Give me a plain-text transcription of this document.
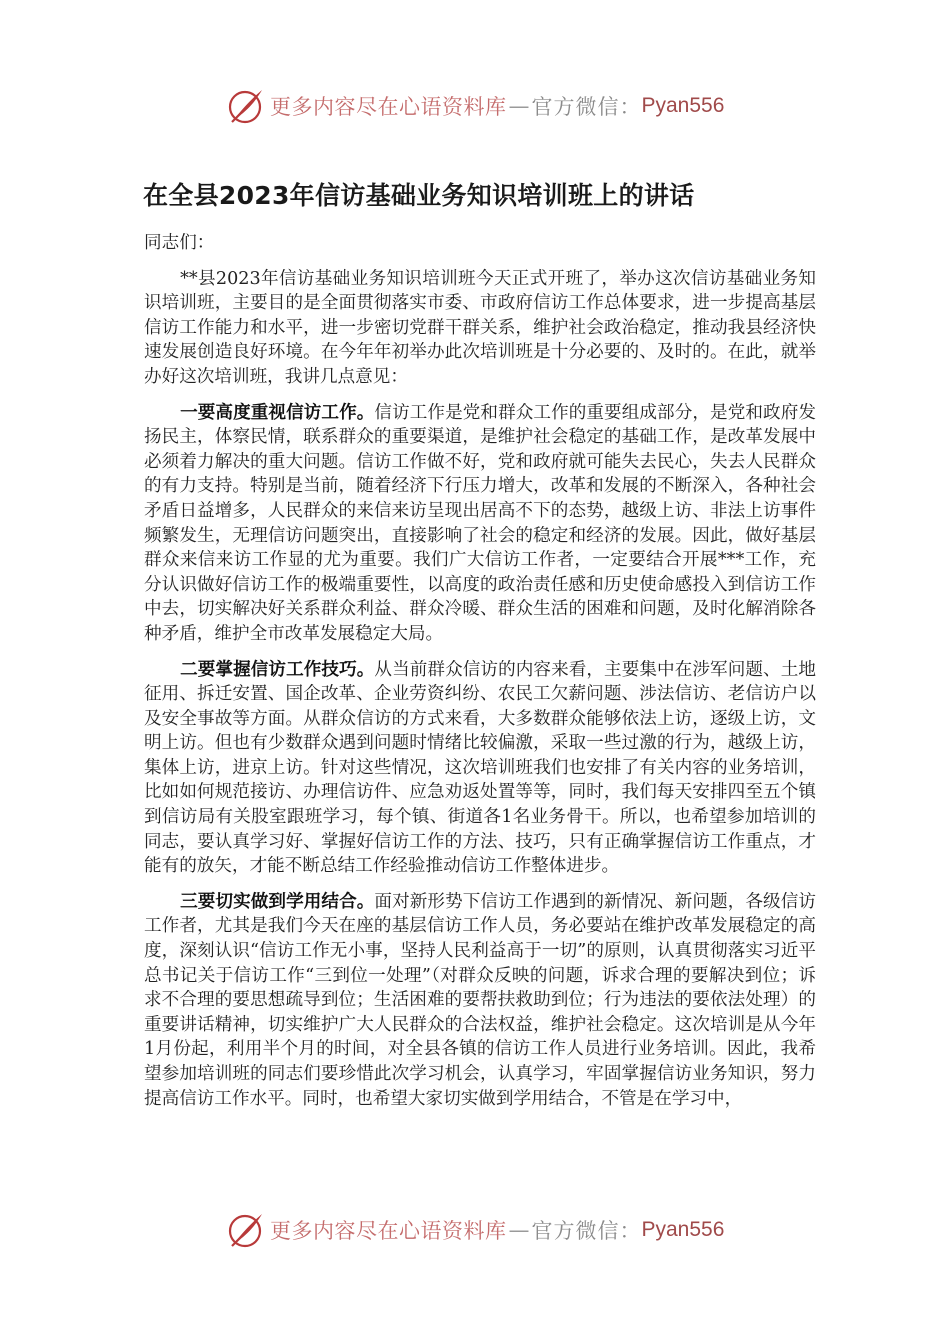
更多内容尽在心语资料库 — 官方微信： Pyan556
在全县2023年信访基础业务知识培训班上的讲话

同志们：

**县2023年信访基础业务知识培训班今天正式开班了，举办这次信访基础业务知识培训班，主要目的是全面贯彻落实市委、市政府信访工作总体要求，进一步提高基层信访工作能力和水平，进一步密切党群干群关系，维护社会政治稳定，推动我县经济快速发展创造良好环境。在今年年初举办此次培训班是十分必要的、及时的。在此，就举办好这次培训班，我讲几点意见：

一要高度重视信访工作。信访工作是党和群众工作的重要组成部分，是党和政府发扬民主，体察民情，联系群众的重要渠道，是维护社会稳定的基础工作，是改革发展中必须着力解决的重大问题。信访工作做不好，党和政府就可能失去民心，失去人民群众的有力支持。特别是当前，随着经济下行压力增大，改革和发展的不断深入，各种社会矛盾日益增多，人民群众的来信来访呈现出居高不下的态势，越级上访、非法上访事件频繁发生，无理信访问题突出，直接影响了社会的稳定和经济的发展。因此，做好基层群众来信来访工作显的尤为重要。我们广大信访工作者，一定要结合开展***工作，充分认识做好信访工作的极端重要性，以高度的政治责任感和历史使命感投入到信访工作中去，切实解决好关系群众利益、群众冷暖、群众生活的困难和问题，及时化解消除各种矛盾，维护全市改革发展稳定大局。

二要掌握信访工作技巧。从当前群众信访的内容来看，主要集中在涉军问题、土地征用、拆迁安置、国企改革、企业劳资纠纷、农民工欠薪问题、涉法信访、老信访户以及安全事故等方面。从群众信访的方式来看，大多数群众能够依法上访，逐级上访，文明上访。但也有少数群众遇到问题时情绪比较偏激，采取一些过激的行为，越级上访，集体上访，进京上访。针对这些情况，这次培训班我们也安排了有关内容的业务培训，比如如何规范接访、办理信访件、应急劝返处置等等，同时，我们每天安排四至五个镇到信访局有关股室跟班学习，每个镇、街道各1名业务骨干。所以，也希望参加培训的同志，要认真学习好、掌握好信访工作的方法、技巧，只有正确掌握信访工作重点，才能有的放矢，才能不断总结工作经验推动信访工作整体进步。

三要切实做到学用结合。面对新形势下信访工作遇到的新情况、新问题，各级信访工作者，尤其是我们今天在座的基层信访工作人员，务必要站在维护改革发展稳定的高度，深刻认识“信访工作无小事，坚持人民利益高于一切”的原则，认真贯彻落实习近平总书记关于信访工作“三到位一处理”（对群众反映的问题，诉求合理的要解决到位；诉求不合理的要思想疏导到位；生活困难的要帮扶救助到位；行为违法的要依法处理）的重要讲话精神，切实维护广大人民群众的合法权益，维护社会稳定。这次培训是从今年1月份起，利用半个月的时间，对全县各镇的信访工作人员进行业务培训。因此，我希望参加培训班的同志们要珍惜此次学习机会，认真学习，牢固掌握信访业务知识，努力提高信访工作水平。同时，也希望大家切实做到学用结合，不管是在学习中，

更多内容尽在心语资料库 — 官方微信： Pyan556
